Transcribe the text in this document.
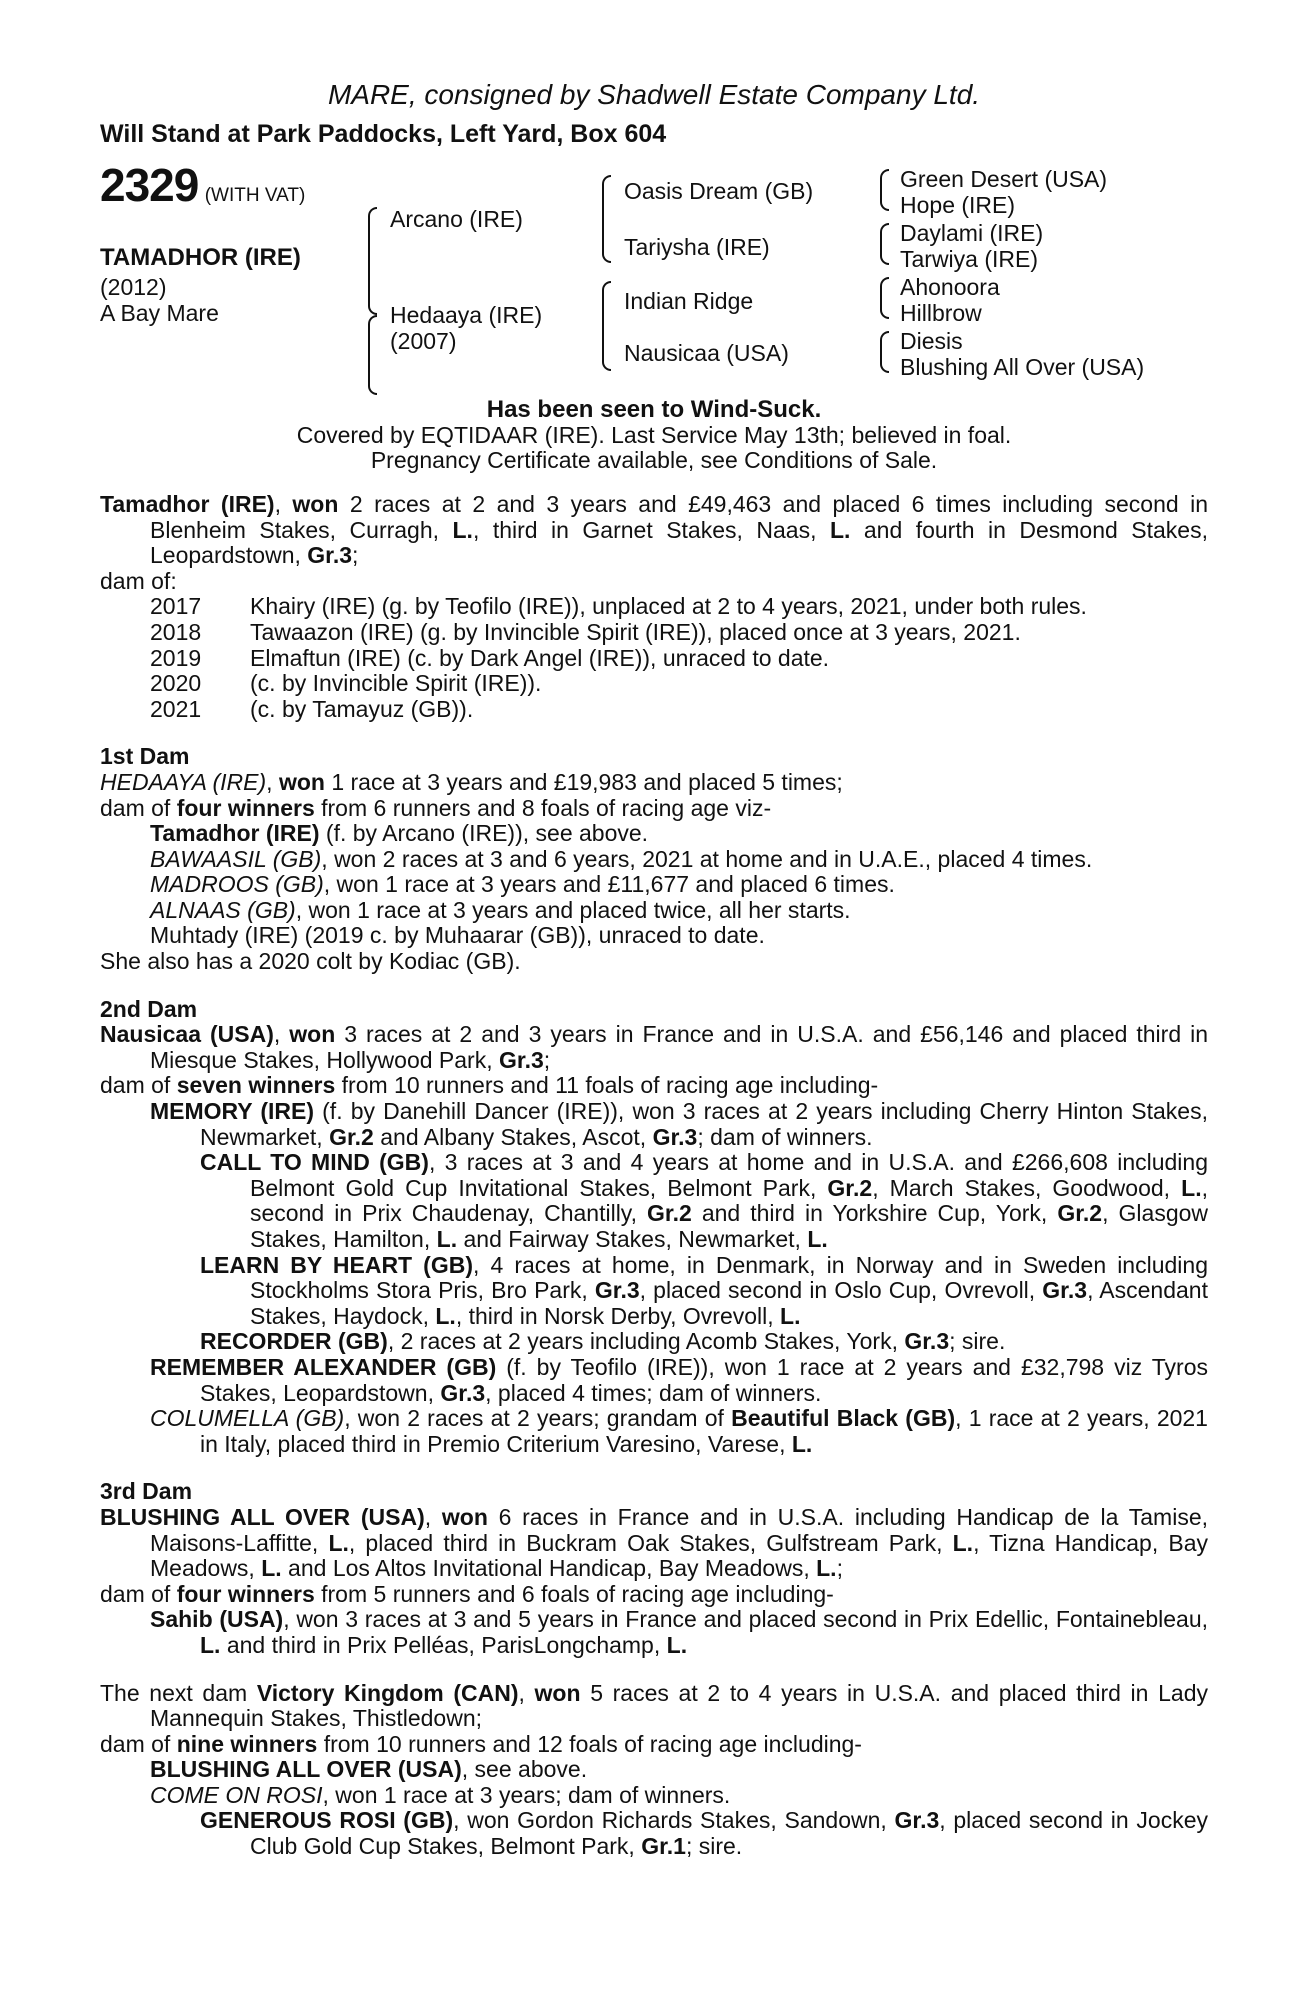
MARE, consigned by Shadwell Estate Company Ltd.
Will Stand at Park Paddocks, Left Yard, Box 604
2329 (WITH VAT)
TAMADHOR (IRE)
(2012)
A Bay Mare
Arcano (IRE)
Hedaaya (IRE)
(2007)
Oasis Dream (GB)
Tariysha (IRE)
Indian Ridge
Nausicaa (USA)
Green Desert (USA)
Hope (IRE)
Daylami (IRE)
Tarwiya (IRE)
Ahonoora
Hillbrow
Diesis
Blushing All Over (USA)
Has been seen to Wind-Suck.
Covered by EQTIDAAR (IRE). Last Service May 13th; believed in foal.
Pregnancy Certificate available, see Conditions of Sale.
Tamadhor (IRE), won 2 races at 2 and 3 years and £49,463 and placed 6 times including second in Blenheim Stakes, Curragh, L., third in Garnet Stakes, Naas, L. and fourth in Desmond Stakes, Leopardstown, Gr.3;
dam of:
2017	Khairy (IRE) (g. by Teofilo (IRE)), unplaced at 2 to 4 years, 2021, under both rules.
2018	Tawaazon (IRE) (g. by Invincible Spirit (IRE)), placed once at 3 years, 2021.
2019	Elmaftun (IRE) (c. by Dark Angel (IRE)), unraced to date.
2020	(c. by Invincible Spirit (IRE)).
2021	(c. by Tamayuz (GB)).
1st Dam
HEDAAYA (IRE), won 1 race at 3 years and £19,983 and placed 5 times;
dam of four winners from 6 runners and 8 foals of racing age viz-
Tamadhor (IRE) (f. by Arcano (IRE)), see above.
BAWAASIL (GB), won 2 races at 3 and 6 years, 2021 at home and in U.A.E., placed 4 times.
MADROOS (GB), won 1 race at 3 years and £11,677 and placed 6 times.
ALNAAS (GB), won 1 race at 3 years and placed twice, all her starts.
Muhtady (IRE) (2019 c. by Muhaarar (GB)), unraced to date.
She also has a 2020 colt by Kodiac (GB).
2nd Dam
Nausicaa (USA), won 3 races at 2 and 3 years in France and in U.S.A. and £56,146 and placed third in Miesque Stakes, Hollywood Park, Gr.3;
dam of seven winners from 10 runners and 11 foals of racing age including-
MEMORY (IRE) (f. by Danehill Dancer (IRE)), won 3 races at 2 years including Cherry Hinton Stakes, Newmarket, Gr.2 and Albany Stakes, Ascot, Gr.3; dam of winners.
CALL TO MIND (GB), 3 races at 3 and 4 years at home and in U.S.A. and £266,608 including Belmont Gold Cup Invitational Stakes, Belmont Park, Gr.2, March Stakes, Goodwood, L., second in Prix Chaudenay, Chantilly, Gr.2 and third in Yorkshire Cup, York, Gr.2, Glasgow Stakes, Hamilton, L. and Fairway Stakes, Newmarket, L.
LEARN BY HEART (GB), 4 races at home, in Denmark, in Norway and in Sweden including Stockholms Stora Pris, Bro Park, Gr.3, placed second in Oslo Cup, Ovrevoll, Gr.3, Ascendant Stakes, Haydock, L., third in Norsk Derby, Ovrevoll, L.
RECORDER (GB), 2 races at 2 years including Acomb Stakes, York, Gr.3; sire.
REMEMBER ALEXANDER (GB) (f. by Teofilo (IRE)), won 1 race at 2 years and £32,798 viz Tyros Stakes, Leopardstown, Gr.3, placed 4 times; dam of winners.
COLUMELLA (GB), won 2 races at 2 years; grandam of Beautiful Black (GB), 1 race at 2 years, 2021 in Italy, placed third in Premio Criterium Varesino, Varese, L.
3rd Dam
BLUSHING ALL OVER (USA), won 6 races in France and in U.S.A. including Handicap de la Tamise, Maisons-Laffitte, L., placed third in Buckram Oak Stakes, Gulfstream Park, L., Tizna Handicap, Bay Meadows, L. and Los Altos Invitational Handicap, Bay Meadows, L.;
dam of four winners from 5 runners and 6 foals of racing age including-
Sahib (USA), won 3 races at 3 and 5 years in France and placed second in Prix Edellic, Fontainebleau, L. and third in Prix Pelléas, ParisLongchamp, L.
The next dam Victory Kingdom (CAN), won 5 races at 2 to 4 years in U.S.A. and placed third in Lady Mannequin Stakes, Thistledown;
dam of nine winners from 10 runners and 12 foals of racing age including-
BLUSHING ALL OVER (USA), see above.
COME ON ROSI, won 1 race at 3 years; dam of winners.
GENEROUS ROSI (GB), won Gordon Richards Stakes, Sandown, Gr.3, placed second in Jockey Club Gold Cup Stakes, Belmont Park, Gr.1; sire.
